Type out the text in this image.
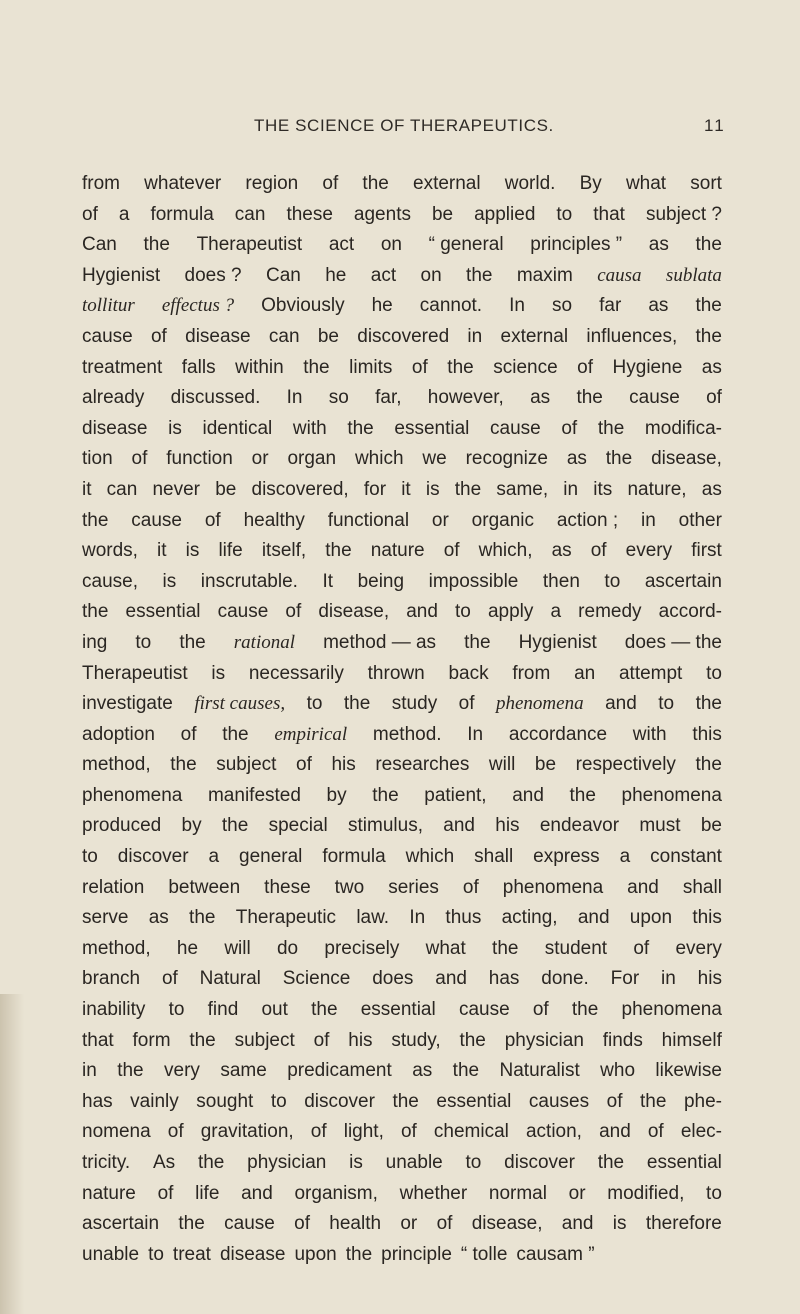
THE SCIENCE OF THERAPEUTICS.	11
from whatever region of the external world. By what sort
of a formula can these agents be applied to that subject ?
Can the Therapeutist act on “ general principles ” as the
Hygienist does ? Can he act on the maxim causa sublata
tollitur effectus ? Obviously he cannot. In so far as the
cause of disease can be discovered in external influences, the
treatment falls within the limits of the science of Hygiene as
already discussed. In so far, however, as the cause of
disease is identical with the essential cause of the modifica-
tion of function or organ which we recognize as the disease,
it can never be discovered, for it is the same, in its nature, as
the cause of healthy functional or organic action ; in other
words, it is life itself, the nature of which, as of every first
cause, is inscrutable. It being impossible then to ascertain
the essential cause of disease, and to apply a remedy accord-
ing to the rational method — as the Hygienist does — the
Therapeutist is necessarily thrown back from an attempt to
investigate first causes, to the study of phenomena and to the
adoption of the empirical method. In accordance with this
method, the subject of his researches will be respectively the
phenomena manifested by the patient, and the phenomena
produced by the special stimulus, and his endeavor must be
to discover a general formula which shall express a constant
relation between these two series of phenomena and shall
serve as the Therapeutic law. In thus acting, and upon this
method, he will do precisely what the student of every
branch of Natural Science does and has done. For in his
inability to find out the essential cause of the phenomena
that form the subject of his study, the physician finds himself
in the very same predicament as the Naturalist who likewise
has vainly sought to discover the essential causes of the phe-
nomena of gravitation, of light, of chemical action, and of elec-
tricity. As the physician is unable to discover the essential
nature of life and organism, whether normal or modified, to
ascertain the cause of health or of disease, and is therefore
unable to treat disease upon the principle “ tolle causam ”
